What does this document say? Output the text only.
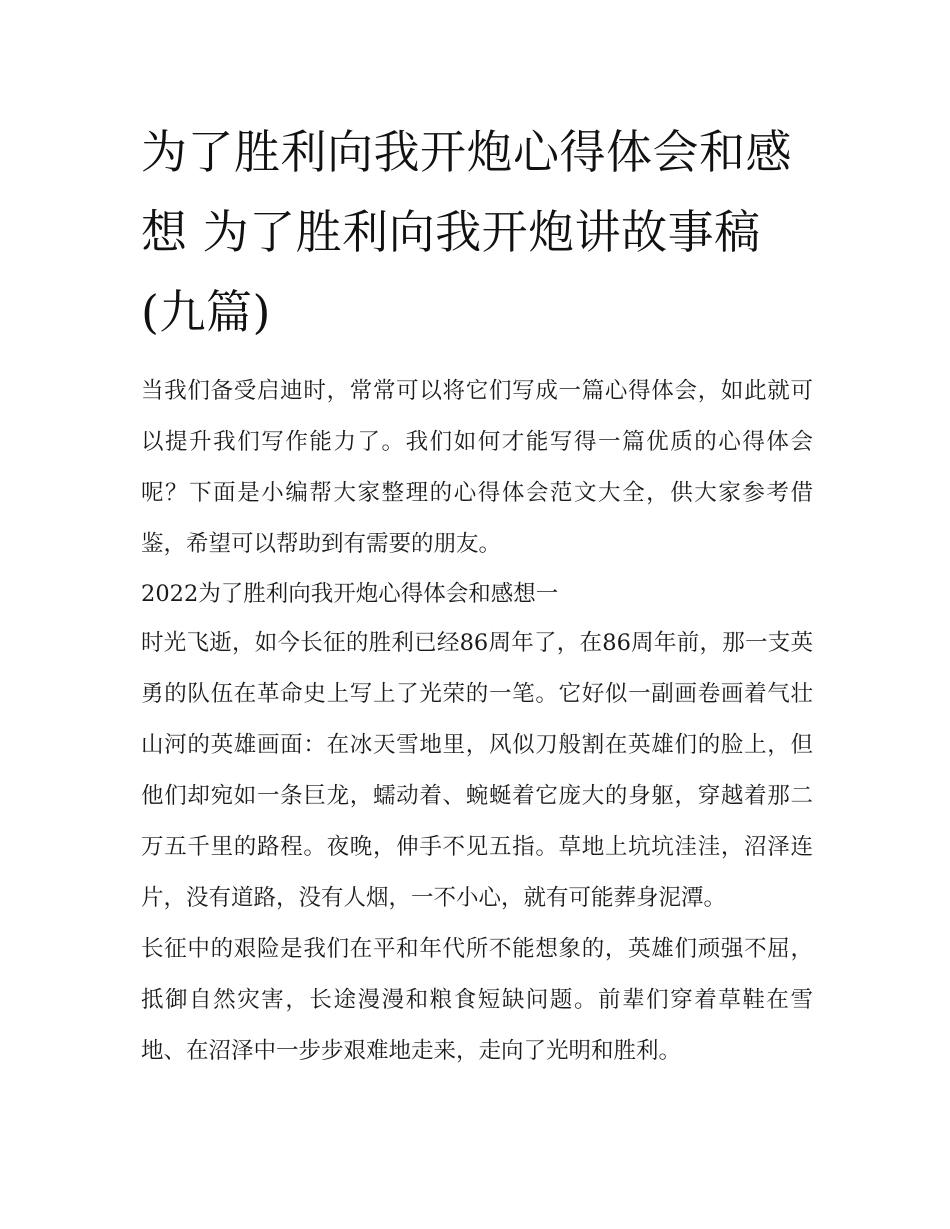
为了胜利向我开炮心得体会和感想 为了胜利向我开炮讲故事稿(九篇)

当我们备受启迪时，常常可以将它们写成一篇心得体会，如此就可以提升我们写作能力了。我们如何才能写得一篇优质的心得体会呢？下面是小编帮大家整理的心得体会范文大全，供大家参考借鉴，希望可以帮助到有需要的朋友。

2022为了胜利向我开炮心得体会和感想一

时光飞逝，如今长征的胜利已经86周年了，在86周年前，那一支英勇的队伍在革命史上写上了光荣的一笔。它好似一副画卷画着气壮山河的英雄画面：在冰天雪地里，风似刀般割在英雄们的脸上，但他们却宛如一条巨龙，蠕动着、蜿蜒着它庞大的身躯，穿越着那二万五千里的路程。夜晚，伸手不见五指。草地上坑坑洼洼，沼泽连片，没有道路，没有人烟，一不小心，就有可能葬身泥潭。

长征中的艰险是我们在平和年代所不能想象的，英雄们顽强不屈，抵御自然灾害，长途漫漫和粮食短缺问题。前辈们穿着草鞋在雪地、在沼泽中一步步艰难地走来，走向了光明和胜利。
